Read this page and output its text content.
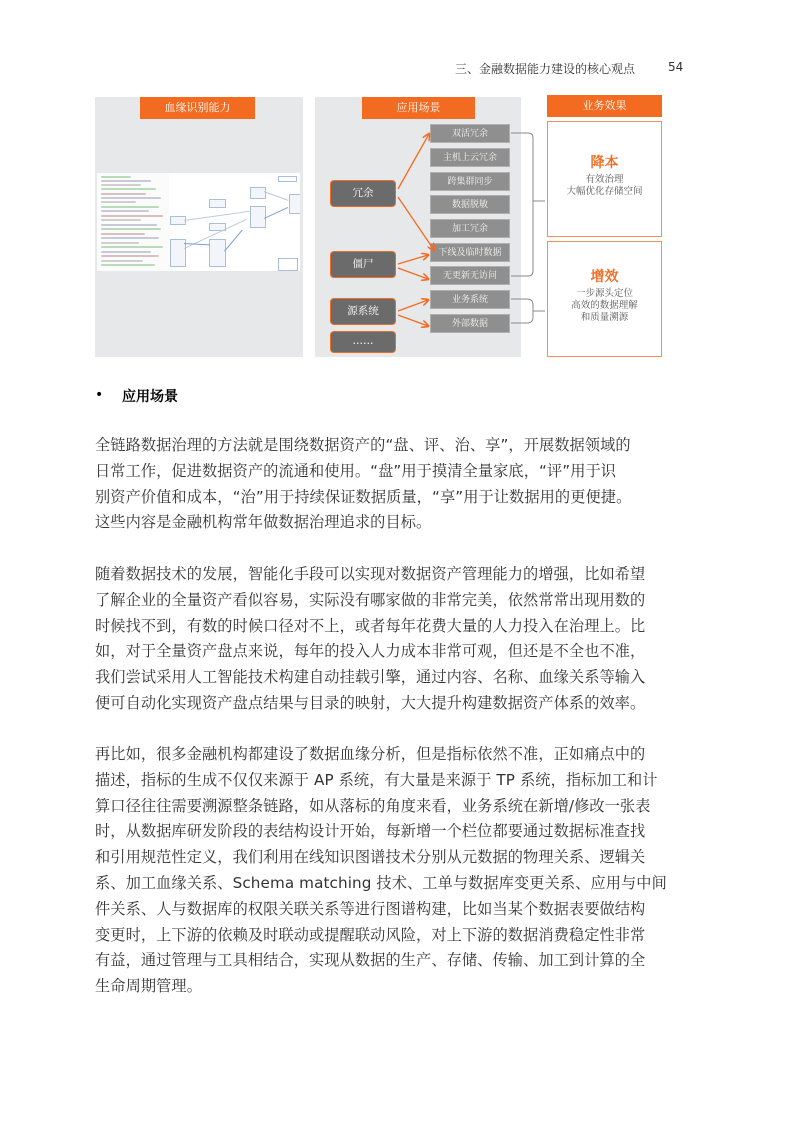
三、金融数据能力建设的核心观点	54
血缘识别能力	应用场景
冗余
僵尸
源系统
……
双活冗余
主机上云冗余
跨集群同步
数据脱敏
加工冗余
下线及临时数据
无更新无访问
业务系统
外部数据
业务效果
降本
有效治理
大幅优化存储空间
增效
一步源头定位
高效的数据理解
和质量溯源
• 应用场景

全链路数据治理的方法就是围绕数据资产的“盘、评、治、享”，开展数据领域的

日常工作，促进数据资产的流通和使用。“盘”用于摸清全量家底，“评”用于识

别资产价值和成本，“治”用于持续保证数据质量，“享”用于让数据用的更便捷。

这些内容是金融机构常年做数据治理追求的目标。

随着数据技术的发展，智能化手段可以实现对数据资产管理能力的增强，比如希望

了解企业的全量资产看似容易，实际没有哪家做的非常完美，依然常常出现用数的

时候找不到，有数的时候口径对不上，或者每年花费大量的人力投入在治理上。比

如，对于全量资产盘点来说，每年的投入人力成本非常可观，但还是不全也不准，

我们尝试采用人工智能技术构建自动挂载引擎，通过内容、名称、血缘关系等输入

便可自动化实现资产盘点结果与目录的映射，大大提升构建数据资产体系的效率。

再比如，很多金融机构都建设了数据血缘分析，但是指标依然不准，正如痛点中的

描述，指标的生成不仅仅来源于 AP 系统，有大量是来源于 TP 系统，指标加工和计

算口径往往需要溯源整条链路，如从落标的角度来看，业务系统在新增/修改一张表

时，从数据库研发阶段的表结构设计开始，每新增一个栏位都要通过数据标准查找

和引用规范性定义，我们利用在线知识图谱技术分别从元数据的物理关系、逻辑关

系、加工血缘关系、Schema matching 技术、工单与数据库变更关系、应用与中间

件关系、人与数据库的权限关联关系等进行图谱构建，比如当某个数据表要做结构

变更时，上下游的依赖及时联动或提醒联动风险，对上下游的数据消费稳定性非常

有益，通过管理与工具相结合，实现从数据的生产、存储、传输、加工到计算的全

生命周期管理。
